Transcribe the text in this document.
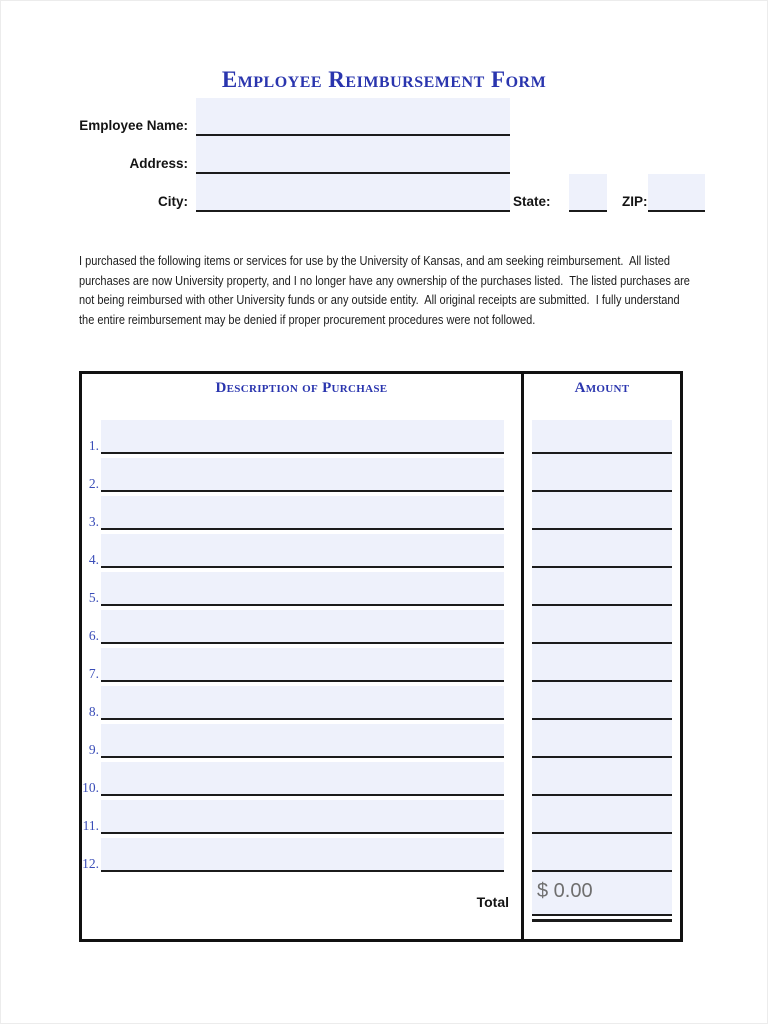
Employee Reimbursement Form
Employee Name:
Address:
City:	State:	ZIP:
I purchased the following items or services for use by the University of Kansas, and am seeking reimbursement.  All listed
purchases are now University property, and I no longer have any ownership of the purchases listed.  The listed purchases are
not being reimbursed with other University funds or any outside entity.  All original receipts are submitted.  I fully understand
the entire reimbursement may be denied if proper procurement procedures were not followed.
Description of Purchase
1.
2.
3.
4.
5.
6.
7.
8.
9.
10.
11.
12.
Total
Amount
$ 0.00
